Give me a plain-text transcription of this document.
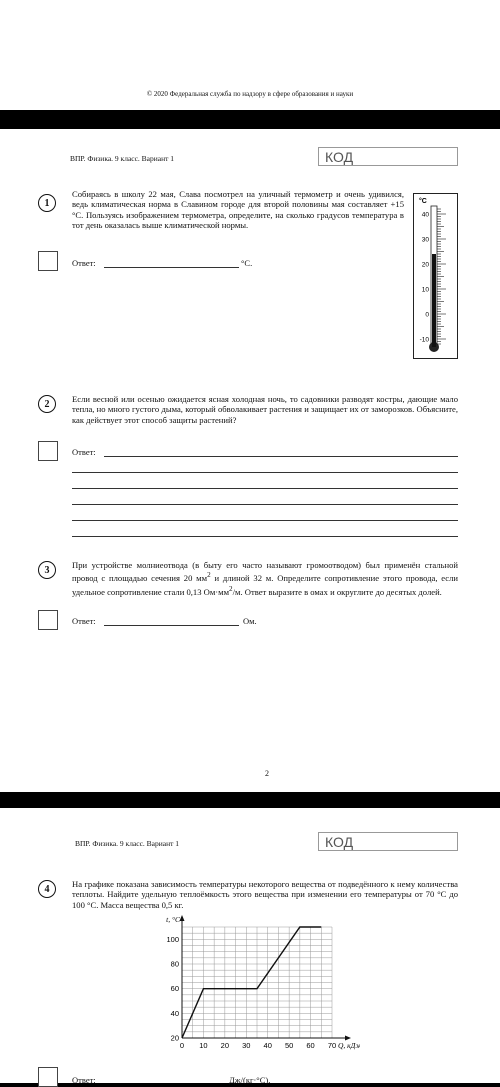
© 2020 Федеральная служба по надзору в сфере образования и науки
ВПР. Физика. 9 класс. Вариант 1	КОД
1
Собираясь в школу 22 мая, Слава посмотрел на уличный термометр и очень удивился, ведь климатическая норма в Славином городе для второй половины мая составляет +15 °С. Пользуясь изображением термометра, определите, на сколько градусов температура в тот день оказалась выше климатической нормы.
Ответ:	°С.
°C
40
30
20
10
0
-10
2	Если весной или осенью ожидается ясная холодная ночь, то садовники разводят костры, дающие мало тепла, но много густого дыма, который обволакивает растения и защищает их от заморозков. Объясните, как действует этот способ защиты растений?
Ответ:
3	При устройстве молниеотвода (в быту его часто называют громоотводом) был применён стальной провод с площадью сечения 20 $мм^2$ и длиной 32 м. Определите сопротивление этого провода, если удельное сопротивление стали 0,13 $Ом\cdot мм^2/м$. Ответ выразите в омах и округлите до десятых долей.
Ответ:	Ом.
2
ВПР. Физика. 9 класс. Вариант 1	КОД
4	На графике показана зависимость температуры некоторого вещества от подведённого к нему количества теплоты. Найдите удельную теплоёмкость этого вещества при изменении его температуры от 70 °С до 100 °С. Масса вещества 0,5 кг.
0 10 20 30 40 50 60 70
20
40
60
80
100
Q, кДж
t, °С
Ответ:	Дж/(кг·°С).
